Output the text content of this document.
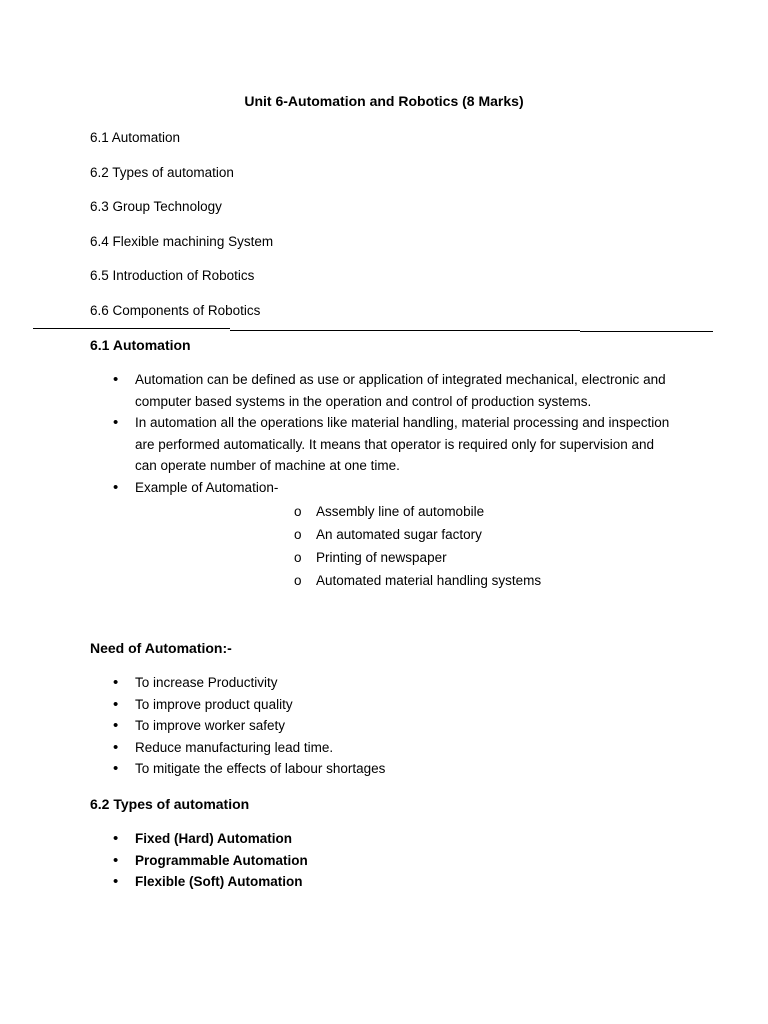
Unit 6-Automation and Robotics (8 Marks)
6.1 Automation
6.2 Types of automation
6.3 Group Technology
6.4 Flexible machining System
6.5 Introduction of Robotics
6.6 Components of Robotics
6.1 Automation
•
Automation can be defined as use or application of integrated mechanical, electronic and computer based systems in the operation and control of production systems.
•
In automation all the operations like material handling, material processing and inspection are performed automatically. It means that operator is required only for supervision and can operate number of machine at one time.
•
Example of Automation-
o
Assembly line of automobile
o
An automated sugar factory
o
Printing of newspaper
o
Automated material handling systems
Need of Automation:-
•
To increase Productivity
•
To improve product quality
•
To improve worker safety
•
Reduce manufacturing lead time.
•
To mitigate the effects of labour shortages
6.2 Types of automation
•
Fixed (Hard) Automation
•
Programmable Automation
•
Flexible (Soft) Automation
